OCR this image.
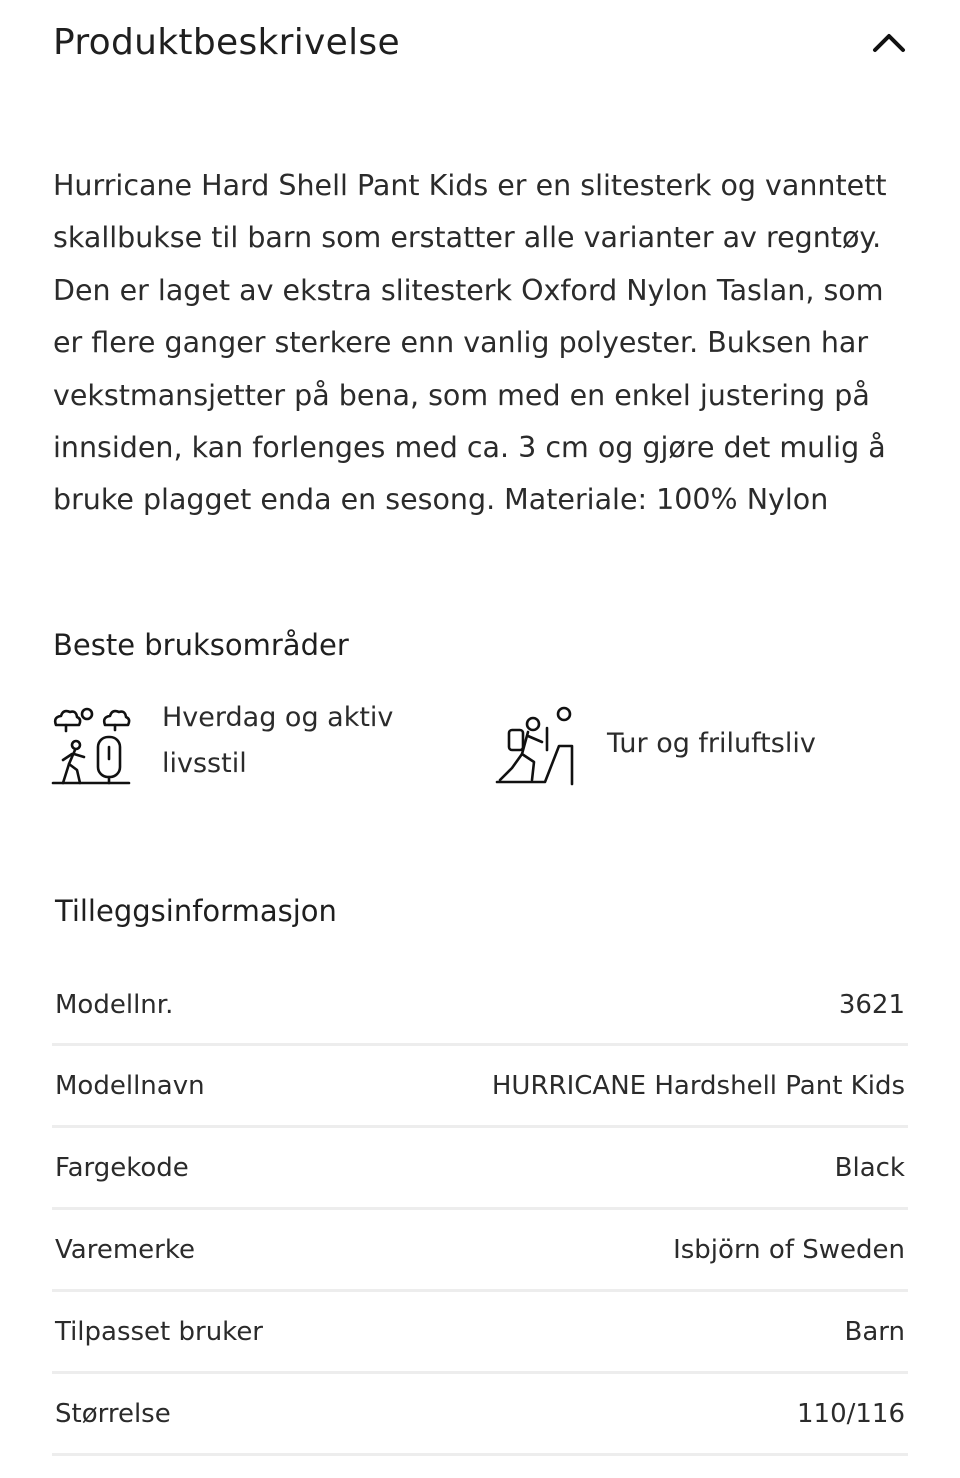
Produktbeskrivelse

Hurricane Hard Shell Pant Kids er en slitesterk og vanntett skallbukse til barn som erstatter alle varianter av regntøy. Den er laget av ekstra slitesterk Oxford Nylon Taslan, som er flere ganger sterkere enn vanlig polyester. Buksen har vekstmansjetter på bena, som med en enkel justering på innsiden, kan forlenges med ca. 3 cm og gjøre det mulig å bruke plagget enda en sesong. Materiale: 100% Nylon

Beste bruksområder
Hverdag og aktiv livsstil
Tur og friluftsliv
Tilleggsinformasjon
Modellnr.	3621
Modellnavn	HURRICANE Hardshell Pant Kids
Fargekode	Black
Varemerke	Isbjörn of Sweden
Tilpasset bruker	Barn
Størrelse	110/116
